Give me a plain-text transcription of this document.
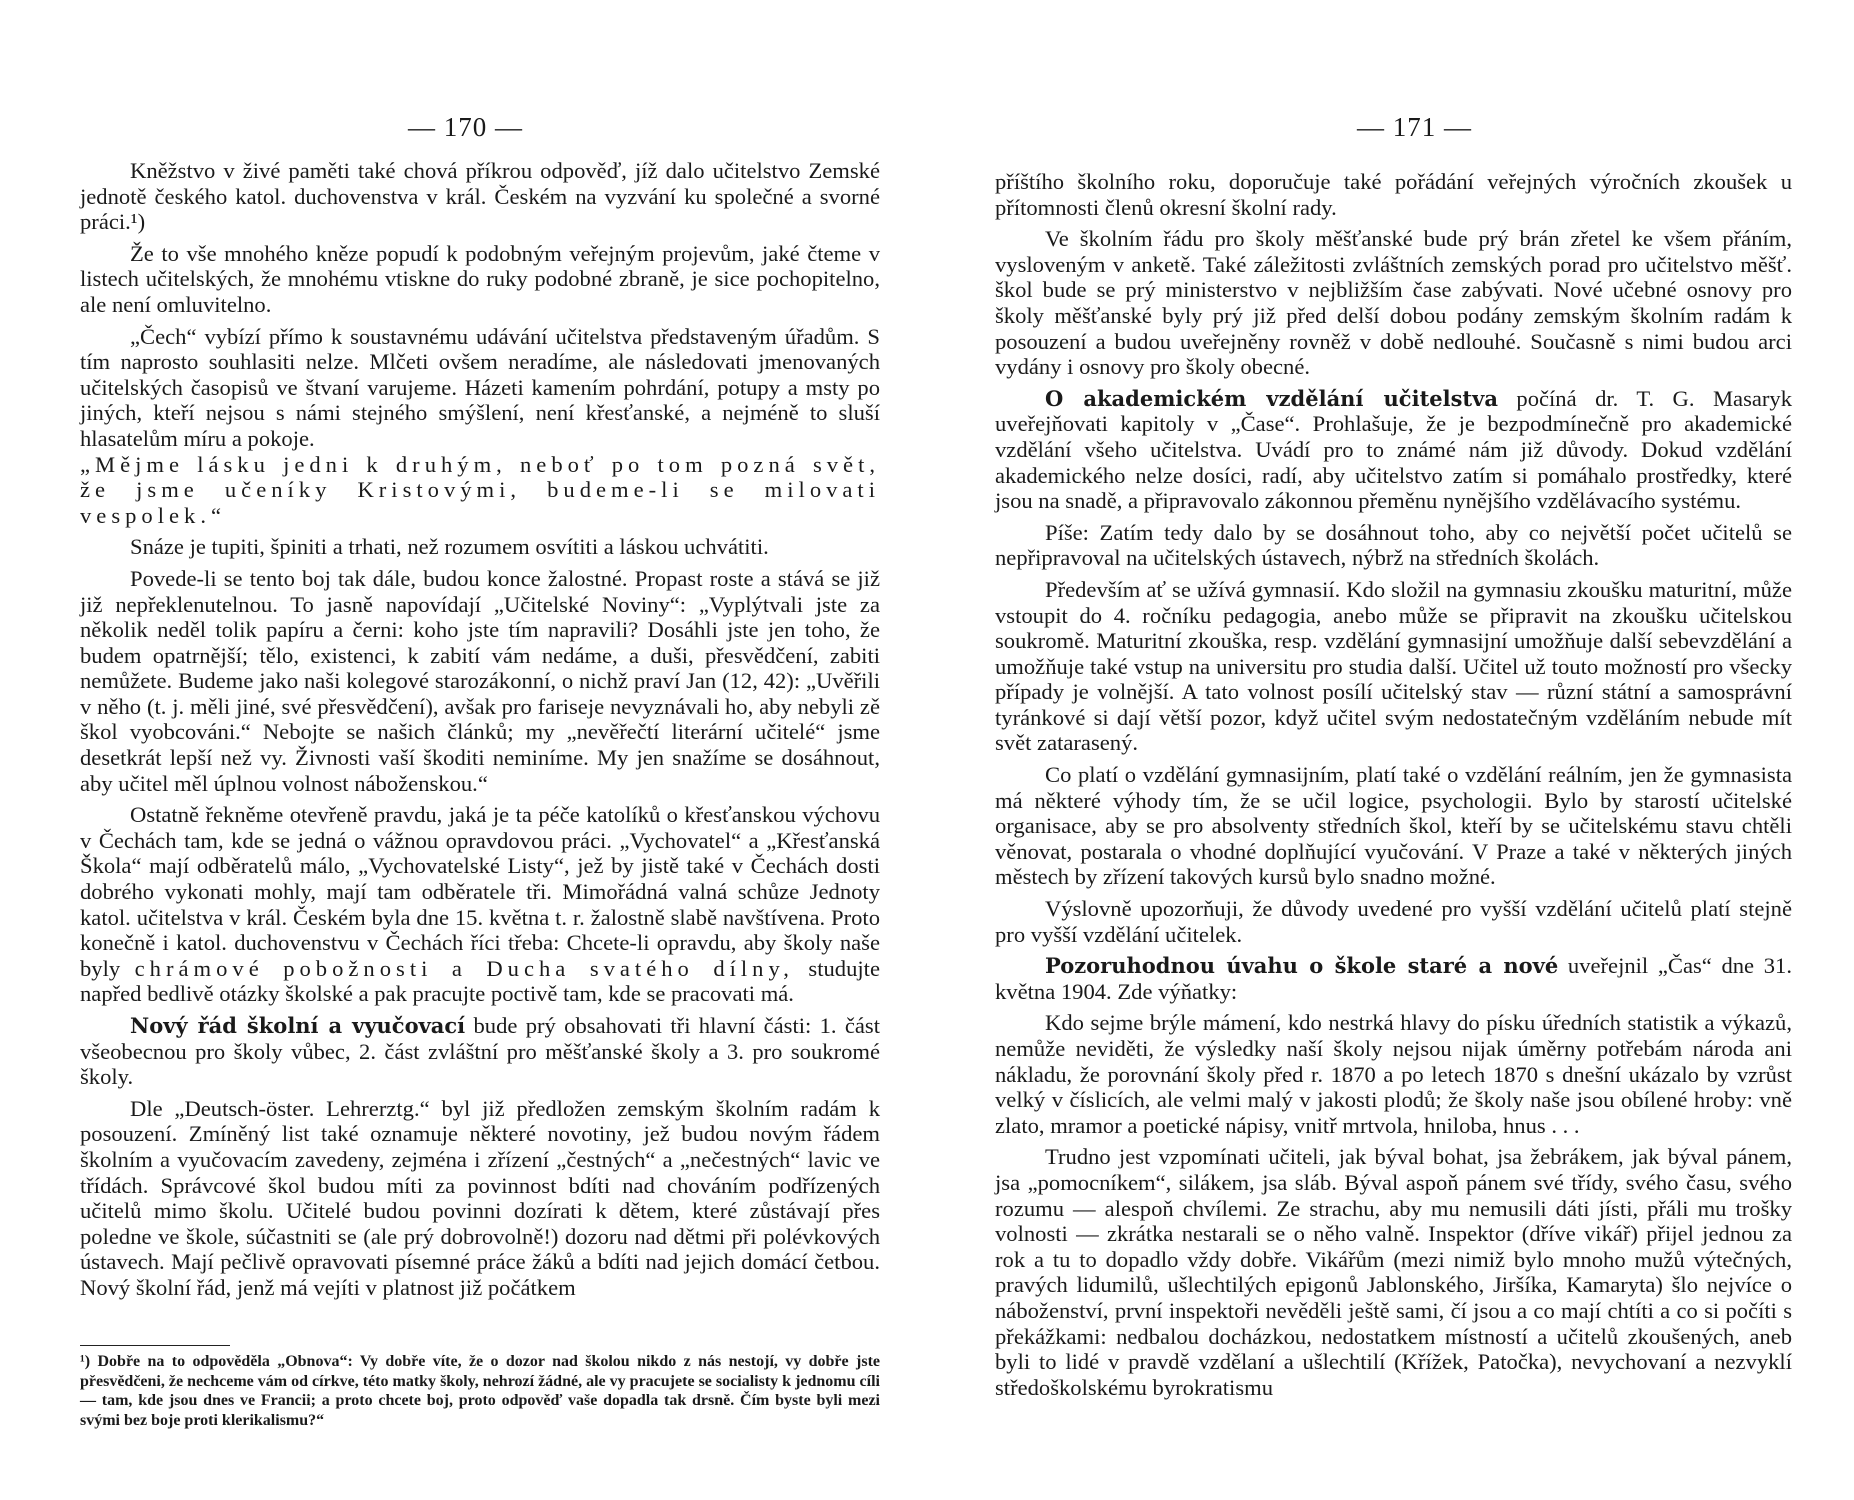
— 170 —

Kněžstvo v živé paměti také chová příkrou odpověď, jíž dalo učitelstvo Zemské jednotě českého katol. duchovenstva v král. Českém na vyzvání ku společné a svorné práci.¹)

Že to vše mnohého kněze popudí k podobným veřejným projevům, jaké čteme v listech učitelských, že mnohému vtiskne do ruky podobné zbraně, je sice pochopitelno, ale není omluvitelno.

„Čech“ vybízí přímo k soustavnému udávání učitelstva představeným úřadům. S tím naprosto souhlasiti nelze. Mlčeti ovšem neradíme, ale následovati jmenovaných učitelských časopisů ve štvaní varujeme. Házeti kamením pohrdání, potupy a msty po jiných, kteří nejsou s námi stejného smýšlení, není křesťanské, a nejméně to sluší hlasatelům míru a pokoje.

„Mějme lásku jedni k druhým, neboť po tom pozná svět, že jsme učeníky Kristovými, budeme-li se milovati vespolek.“

Snáze je tupiti, špiniti a trhati, než rozumem osvítiti a láskou uchvátiti.

Povede-li se tento boj tak dále, budou konce žalostné. Propast roste a stává se již již nepřeklenutelnou. To jasně napovídají „Učitelské Noviny“: „Vyplýtvali jste za několik neděl tolik papíru a černi: koho jste tím napravili? Dosáhli jste jen toho, že budem opatrnější; tělo, existenci, k zabití vám nedáme, a duši, přesvědčení, zabiti nemůžete. Budeme jako naši kolegové starozákonní, o nichž praví Jan (12, 42): „Uvěřili v něho (t. j. měli jiné, své přesvědčení), avšak pro fariseje nevyznávali ho, aby nebyli zě škol vyobcováni.“ Nebojte se našich článků; my „nevěřečtí literární učitelé“ jsme desetkrát lepší než vy. Živnosti vaší škoditi neminíme. My jen snažíme se dosáhnout, aby učitel měl úplnou volnost náboženskou.“

Ostatně řekněme otevřeně pravdu, jaká je ta péče katolíků o křesťanskou výchovu v Čechách tam, kde se jedná o vážnou opravdovou práci. „Vychovatel“ a „Křesťanská Škola“ mají odběratelů málo, „Vychovatelské Listy“, jež by jistě také v Čechách dosti dobrého vykonati mohly, mají tam odběratele tři. Mimořádná valná schůze Jednoty katol. učitelstva v král. Českém byla dne 15. května t. r. žalostně slabě navštívena. Proto konečně i katol. duchovenstvu v Čechách říci třeba: Chcete-li opravdu, aby školy naše byly chrámové pobožnosti a Ducha svatého dílny, studujte napřed bedlivě otázky školské a pak pracujte poctivě tam, kde se pracovati má.

Nový řád školní a vyučovací bude prý obsahovati tři hlavní části: 1. část všeobecnou pro školy vůbec, 2. část zvláštní pro měšťanské školy a 3. pro soukromé školy.

Dle „Deutsch-öster. Lehrerztg.“ byl již předložen zemským školním radám k posouzení. Zmíněný list také oznamuje některé novotiny, jež budou novým řádem školním a vyučovacím zavedeny, zejména i zřízení „čestných“ a „nečestných“ lavic ve třídách. Správcové škol budou míti za povinnost bdíti nad chováním podřízených učitelů mimo školu. Učitelé budou povinni dozírati k dětem, které zůstávají přes poledne ve škole, súčastniti se (ale prý dobrovolně!) dozoru nad dětmi při polévkových ústavech. Mají pečlivě opravovati písemné práce žáků a bdíti nad jejich domácí četbou. Nový školní řád, jenž má vejíti v platnost již počátkem

¹) Dobře na to odpověděla „Obnova“: Vy dobře víte, že o dozor nad školou nikdo z nás nestojí, vy dobře jste přesvědčeni, že nechceme vám od církve, této matky školy, nehrozí žádné, ale vy pracujete se socialisty k jednomu cíli — tam, kde jsou dnes ve Francii; a proto chcete boj, proto odpověď vaše dopadla tak drsně. Čím byste byli mezi svými bez boje proti klerikalismu?“
— 171 —

příštího školního roku, doporučuje také pořádání veřejných výročních zkoušek u přítomnosti členů okresní školní rady.

Ve školním řádu pro školy měšťanské bude prý brán zřetel ke všem přáním, vysloveným v anketě. Také záležitosti zvláštních zemských porad pro učitelstvo měšť. škol bude se prý ministerstvo v nejbližším čase zabývati. Nové učebné osnovy pro školy měšťanské byly prý již před delší dobou podány zemským školním radám k posouzení a budou uveřejněny rovněž v době nedlouhé. Současně s nimi budou arci vydány i osnovy pro školy obecné.

O akademickém vzdělání učitelstva počíná dr. T. G. Masaryk uveřejňovati kapitoly v „Čase“. Prohlašuje, že je bezpodmínečně pro akademické vzdělání všeho učitelstva. Uvádí pro to známé nám již důvody. Dokud vzdělání akademického nelze dosíci, radí, aby učitelstvo zatím si pomáhalo prostředky, které jsou na snadě, a připravovalo zákonnou přeměnu nynějšího vzdělávacího systému.

Píše: Zatím tedy dalo by se dosáhnout toho, aby co největší počet učitelů se nepřipravoval na učitelských ústavech, nýbrž na středních školách.

Především ať se užívá gymnasií. Kdo složil na gymnasiu zkoušku maturitní, může vstoupit do 4. ročníku pedagogia, anebo může se připravit na zkoušku učitelskou soukromě. Maturitní zkouška, resp. vzdělání gymnasijní umožňuje další sebevzdělání a umožňuje také vstup na universitu pro studia další. Učitel už touto možností pro všecky případy je volnější. A tato volnost posílí učitelský stav — různí státní a samosprávní tyránkové si dají větší pozor, když učitel svým nedostatečným vzděláním nebude mít svět zatarasený.

Co platí o vzdělání gymnasijním, platí také o vzdělání reálním, jen že gymnasista má některé výhody tím, že se učil logice, psychologii. Bylo by starostí učitelské organisace, aby se pro absolventy středních škol, kteří by se učitelskému stavu chtěli věnovat, postarala o vhodné doplňující vyučování. V Praze a také v některých jiných městech by zřízení takových kursů bylo snadno možné.

Výslovně upozorňuji, že důvody uvedené pro vyšší vzdělání učitelů platí stejně pro vyšší vzdělání učitelek.

Pozoruhodnou úvahu o škole staré a nové uveřejnil „Čas“ dne 31. května 1904. Zde výňatky:

Kdo sejme brýle mámení, kdo nestrká hlavy do písku úředních statistik a výkazů, nemůže neviděti, že výsledky naší školy nejsou nijak úměrny potřebám národa ani nákladu, že porovnání školy před r. 1870 a po letech 1870 s dnešní ukázalo by vzrůst velký v číslicích, ale velmi malý v jakosti plodů; že školy naše jsou obílené hroby: vně zlato, mramor a poetické nápisy, vnitř mrtvola, hniloba, hnus . . .

Trudno jest vzpomínati učiteli, jak býval bohat, jsa žebrákem, jak býval pánem, jsa „pomocníkem“, silákem, jsa sláb. Býval aspoň pánem své třídy, svého času, svého rozumu — alespoň chvílemi. Ze strachu, aby mu nemusili dáti jísti, přáli mu trošky volnosti — zkrátka nestarali se o něho valně. Inspektor (dříve vikář) přijel jednou za rok a tu to dopadlo vždy dobře. Vikářům (mezi nimiž bylo mnoho mužů výtečných, pravých lidumilů, ušlechtilých epigonů Jablonského, Jiršíka, Kamaryta) šlo nejvíce o náboženství, první inspektoři nevěděli ještě sami, čí jsou a co mají chtíti a co si počíti s překážkami: nedbalou docházkou, nedostatkem místností a učitelů zkoušených, aneb byli to lidé v pravdě vzdělaní a ušlechtilí (Křížek, Patočka), nevychovaní a nezvyklí středoškolskému byrokratismu
